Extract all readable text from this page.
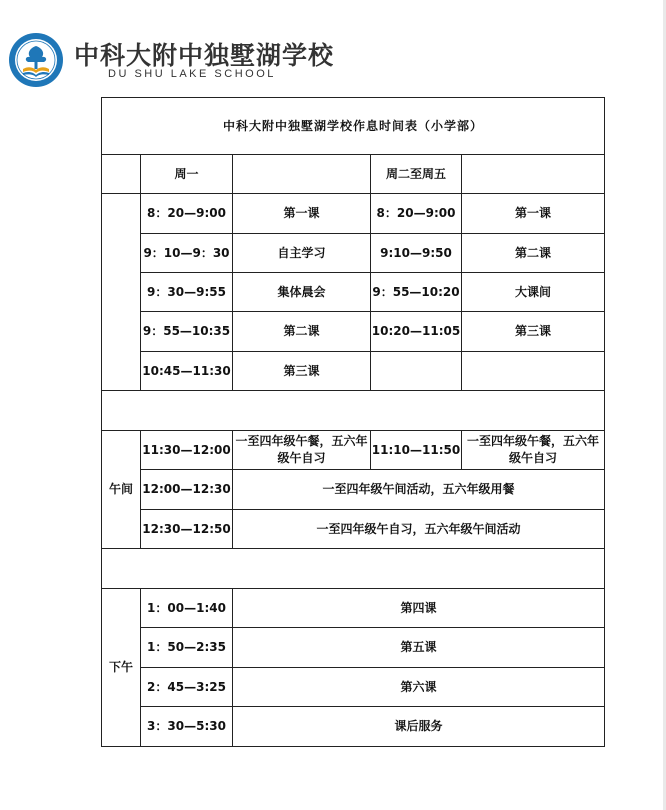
中科大附中独墅湖学校
DU SHU LAKE SCHOOL
中科大附中独墅湖学校作息时间表（小学部）				
	周一		周二至周五	
	8：20—9:00	第一课	8：20—9:00	第一课
	9：10—9：30	自主学习	9:10—9:50	第二课
	9：30—9:55	集体晨会	9：55—10:20	大课间
	9：55—10:35	第二课	10:20—11:05	第三课
	10:45—11:30	第三课		

午间	11:30—12:00	一至四年级午餐，五六年级午自习	11:10—11:50	一至四年级午餐，五六年级午自习
	12:00—12:30	一至四年级午间活动，五六年级用餐		
	12:30—12:50	一至四年级午自习，五六年级午间活动		

下午	1：00—1:40	第四课		
	1：50—2:35	第五课		
	2：45—3:25	第六课		
	3：30—5:30	课后服务		
